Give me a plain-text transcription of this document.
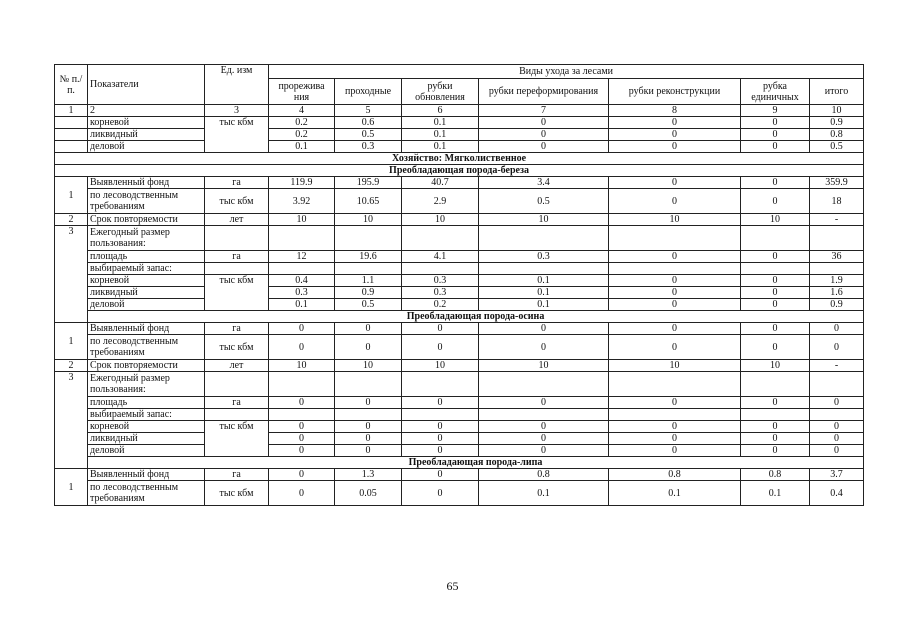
№ п./п.	Показатели	Ед. изм	Виды ухода за лесами						
			прорежива ния	проходные	рубки обновления	рубки переформирования	рубки реконструкции	рубка единичных	итого
1	2	3	4	5	6	7	8	9	10
	корневой	тыс кбм	0.2	0.6	0.1	0	0	0	0.9
	ликвидный		0.2	0.5	0.1	0	0	0	0.8
	деловой		0.1	0.3	0.1	0	0	0	0.5
Хозяйство: Мягколиственное									
Преобладающая порода-береза									
1	Выявленный фонд	га	119.9	195.9	40.7	3.4	0	0	359.9
	по лесоводственным требованиям	тыс кбм	3.92	10.65	2.9	0.5	0	0	18
2	Срок повторяемости	лет	10	10	10	10	10	10	-
3	Ежегодный размер пользования:								
	площадь	га	12	19.6	4.1	0.3	0	0	36
	выбираемый запас:								
	корневой	тыс кбм	0.4	1.1	0.3	0.1	0	0	1.9
	ликвидный		0.3	0.9	0.3	0.1	0	0	1.6
	деловой		0.1	0.5	0.2	0.1	0	0	0.9
	Преобладающая порода-осина								
1	Выявленный фонд	га	0	0	0	0	0	0	0
	по лесоводственным требованиям	тыс кбм	0	0	0	0	0	0	0
2	Срок повторяемости	лет	10	10	10	10	10	10	-
3	Ежегодный размер пользования:								
	площадь	га	0	0	0	0	0	0	0
	выбираемый запас:								
	корневой	тыс кбм	0	0	0	0	0	0	0
	ликвидный		0	0	0	0	0	0	0
	деловой		0	0	0	0	0	0	0
	Преобладающая порода-липа								
1	Выявленный фонд	га	0	1.3	0	0.8	0.8	0.8	3.7
	по лесоводственным требованиям	тыс кбм	0	0.05	0	0.1	0.1	0.1	0.4
65
